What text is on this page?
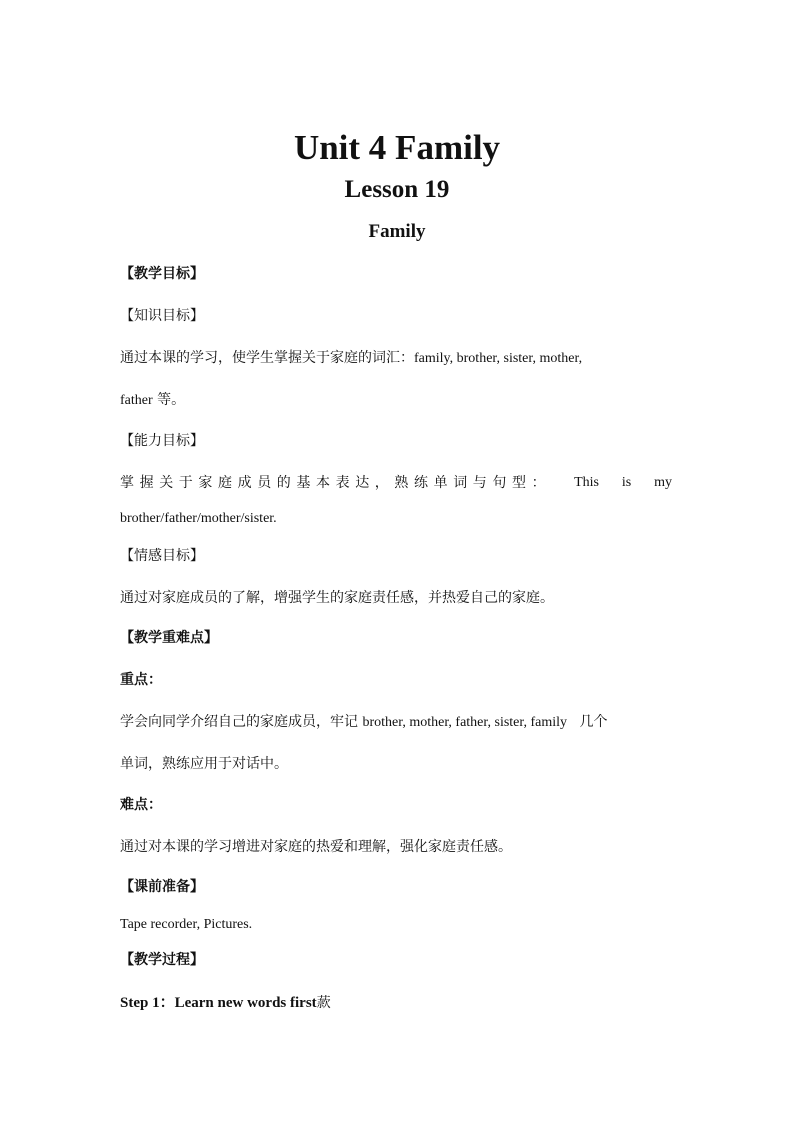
Unit 4 Family
Lesson 19
Family
【教学目标】
【知识目标】
通过本课的学习，使学生掌握关于家庭的词汇：family, brother, sister, mother,
father 等。
【能力目标】
掌握关于家庭成员的基本表达，熟练单词与句型： This is my
brother/father/mother/sister.
【情感目标】
通过对家庭成员的了解，增强学生的家庭责任感，并热爱自己的家庭。
【教学重难点】
重点：
学会向同学介绍自己的家庭成员，牢记 brother, mother, father, sister, family 几个
单词，熟练应用于对话中。
难点：
通过对本课的学习增进对家庭的热爱和理解，强化家庭责任感。
【课前准备】
Tape recorder, Pictures.
【教学过程】
Step 1：Learn new words first䕀
